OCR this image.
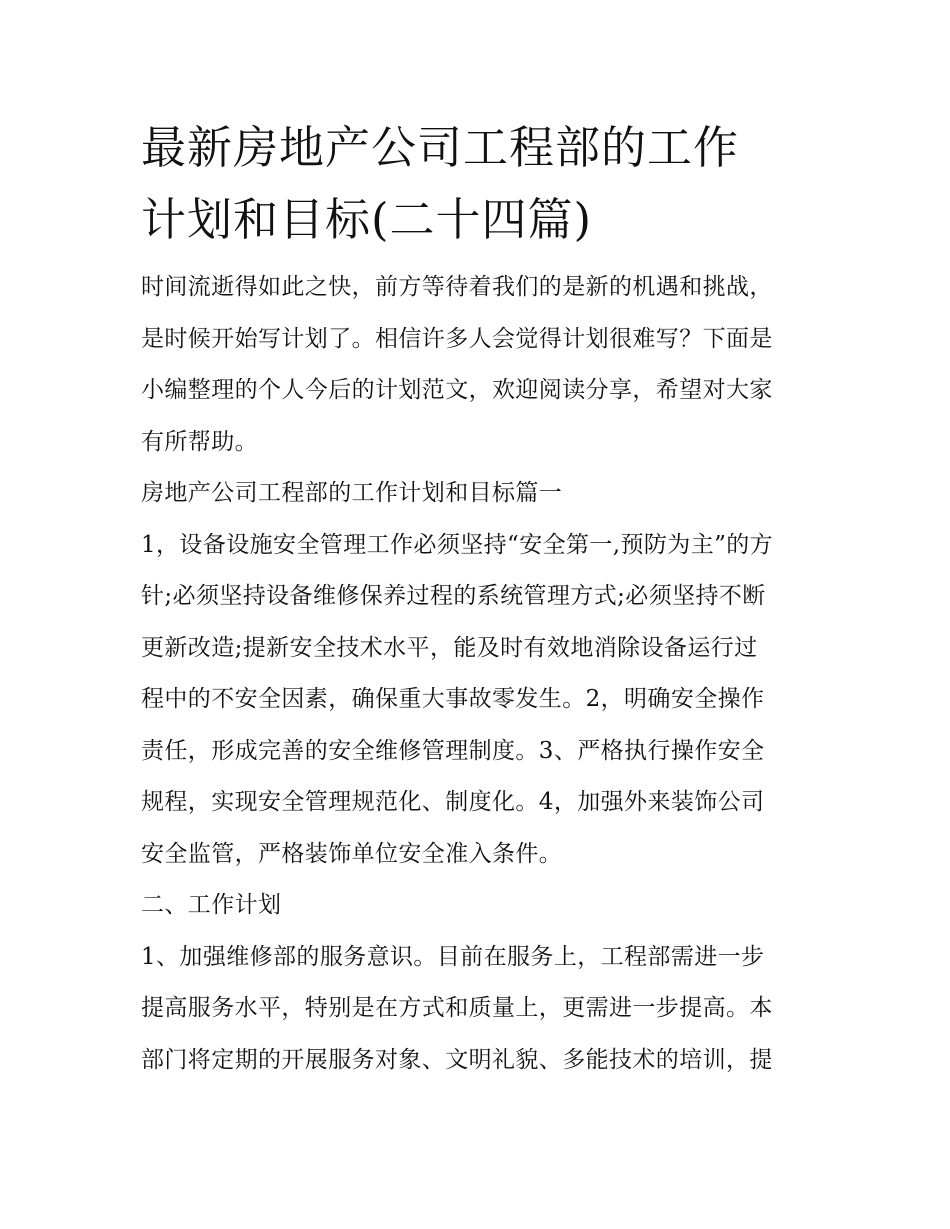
最新房地产公司工程部的工作
计划和目标(二十四篇)
时间流逝得如此之快，前方等待着我们的是新的机遇和挑战，
是时候开始写计划了。相信许多人会觉得计划很难写？下面是
小编整理的个人今后的计划范文，欢迎阅读分享，希望对大家
有所帮助。
房地产公司工程部的工作计划和目标篇一
1，设备设施安全管理工作必须坚持“安全第一,预防为主”的方
针;必须坚持设备维修保养过程的系统管理方式;必须坚持不断
更新改造;提新安全技术水平，能及时有效地消除设备运行过
程中的不安全因素，确保重大事故零发生。2，明确安全操作
责任，形成完善的安全维修管理制度。3、严格执行操作安全
规程，实现安全管理规范化、制度化。4，加强外来装饰公司
安全监管，严格装饰单位安全准入条件。
二、工作计划
1、加强维修部的服务意识。目前在服务上，工程部需进一步
提高服务水平，特别是在方式和质量上，更需进一步提高。本
部门将定期的开展服务对象、文明礼貌、多能技术的培训，提
